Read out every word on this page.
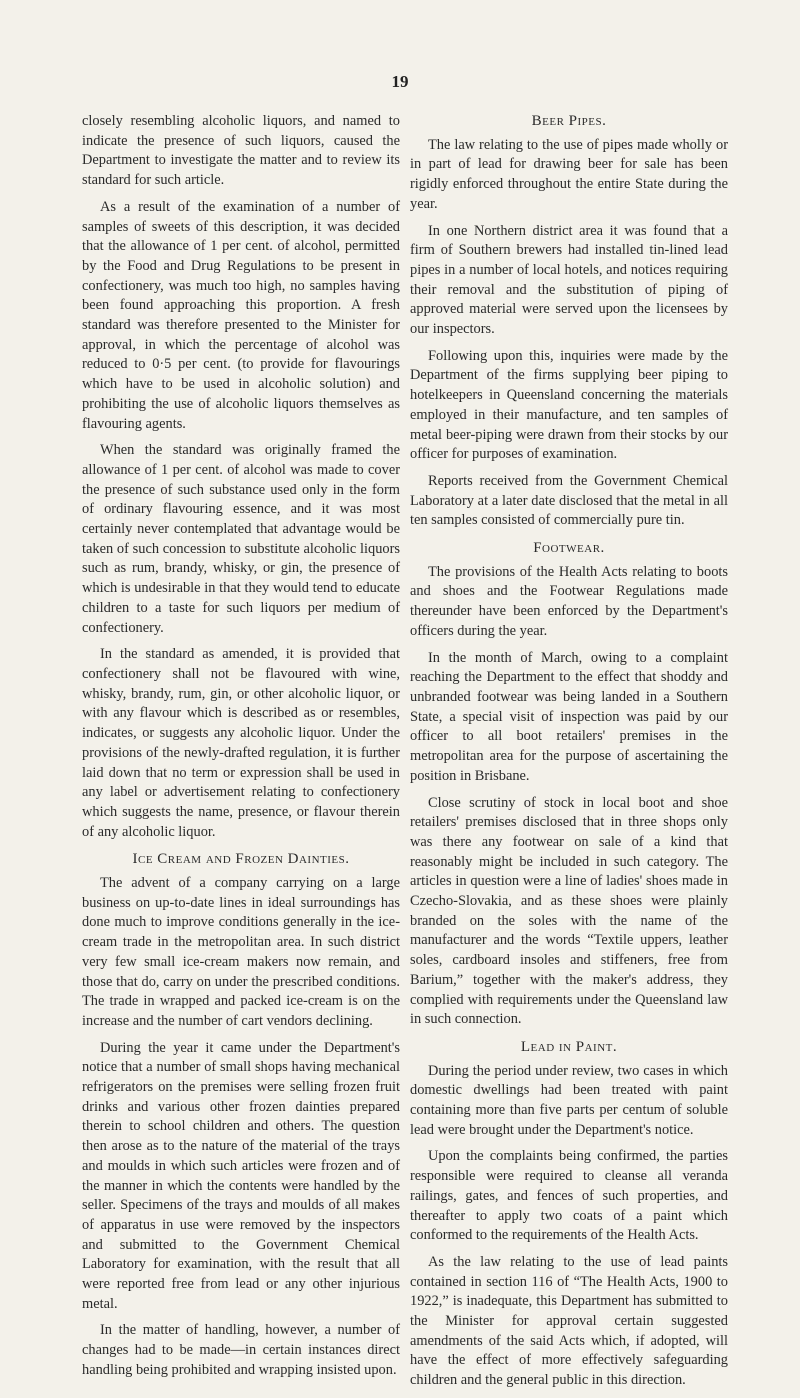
19

closely resembling alcoholic liquors, and named to indicate the presence of such liquors, caused the Department to investigate the matter and to review its standard for such article.

As a result of the examination of a number of samples of sweets of this description, it was decided that the allowance of 1 per cent. of alcohol, permitted by the Food and Drug Regulations to be present in confectionery, was much too high, no samples having been found approaching this proportion. A fresh standard was therefore presented to the Minister for approval, in which the percentage of alcohol was reduced to 0·5 per cent. (to provide for flavourings which have to be used in alcoholic solution) and prohibiting the use of alcoholic liquors themselves as flavouring agents.

When the standard was originally framed the allowance of 1 per cent. of alcohol was made to cover the presence of such substance used only in the form of ordinary flavouring essence, and it was most certainly never contemplated that advantage would be taken of such concession to substitute alcoholic liquors such as rum, brandy, whisky, or gin, the presence of which is undesirable in that they would tend to educate children to a taste for such liquors per medium of confectionery.

In the standard as amended, it is provided that confectionery shall not be flavoured with wine, whisky, brandy, rum, gin, or other alcoholic liquor, or with any flavour which is described as or resembles, indicates, or suggests any alcoholic liquor. Under the provisions of the newly-drafted regulation, it is further laid down that no term or expression shall be used in any label or advertisement relating to confectionery which suggests the name, presence, or flavour therein of any alcoholic liquor.

Ice Cream and Frozen Dainties.

The advent of a company carrying on a large business on up-to-date lines in ideal surroundings has done much to improve conditions generally in the ice-cream trade in the metropolitan area. In such district very few small ice-cream makers now remain, and those that do, carry on under the prescribed conditions. The trade in wrapped and packed ice-cream is on the increase and the number of cart vendors declining.

During the year it came under the Department's notice that a number of small shops having mechanical refrigerators on the premises were selling frozen fruit drinks and various other frozen dainties prepared therein to school children and others. The question then arose as to the nature of the material of the trays and moulds in which such articles were frozen and of the manner in which the contents were handled by the seller. Specimens of the trays and moulds of all makes of apparatus in use were removed by the inspectors and submitted to the Government Chemical Laboratory for examination, with the result that all were reported free from lead or any other injurious metal.

In the matter of handling, however, a number of changes had to be made—in certain instances direct handling being prohibited and wrapping insisted upon.

Beer Pipes.

The law relating to the use of pipes made wholly or in part of lead for drawing beer for sale has been rigidly enforced throughout the entire State during the year.

In one Northern district area it was found that a firm of Southern brewers had installed tin-lined lead pipes in a number of local hotels, and notices requiring their removal and the substitution of piping of approved material were served upon the licensees by our inspectors.

Following upon this, inquiries were made by the Department of the firms supplying beer piping to hotelkeepers in Queensland concerning the materials employed in their manufacture, and ten samples of metal beer-piping were drawn from their stocks by our officer for purposes of examination.

Reports received from the Government Chemical Laboratory at a later date disclosed that the metal in all ten samples consisted of commercially pure tin.

Footwear.

The provisions of the Health Acts relating to boots and shoes and the Footwear Regulations made thereunder have been enforced by the Department's officers during the year.

In the month of March, owing to a complaint reaching the Department to the effect that shoddy and unbranded footwear was being landed in a Southern State, a special visit of inspection was paid by our officer to all boot retailers' premises in the metropolitan area for the purpose of ascertaining the position in Brisbane.

Close scrutiny of stock in local boot and shoe retailers' premises disclosed that in three shops only was there any footwear on sale of a kind that reasonably might be included in such category. The articles in question were a line of ladies' shoes made in Czecho-Slovakia, and as these shoes were plainly branded on the soles with the name of the manufacturer and the words “Textile uppers, leather soles, cardboard insoles and stiffeners, free from Barium,” together with the maker's address, they complied with requirements under the Queensland law in such connection.

Lead in Paint.

During the period under review, two cases in which domestic dwellings had been treated with paint containing more than five parts per centum of soluble lead were brought under the Department's notice.

Upon the complaints being confirmed, the parties responsible were required to cleanse all veranda railings, gates, and fences of such properties, and thereafter to apply two coats of a paint which conformed to the requirements of the Health Acts.

As the law relating to the use of lead paints contained in section 116 of “The Health Acts, 1900 to 1922,” is inadequate, this Department has submitted to the Minister for approval certain suggested amendments of the said Acts which, if adopted, will have the effect of more effectively safeguarding children and the general public in this direction.
